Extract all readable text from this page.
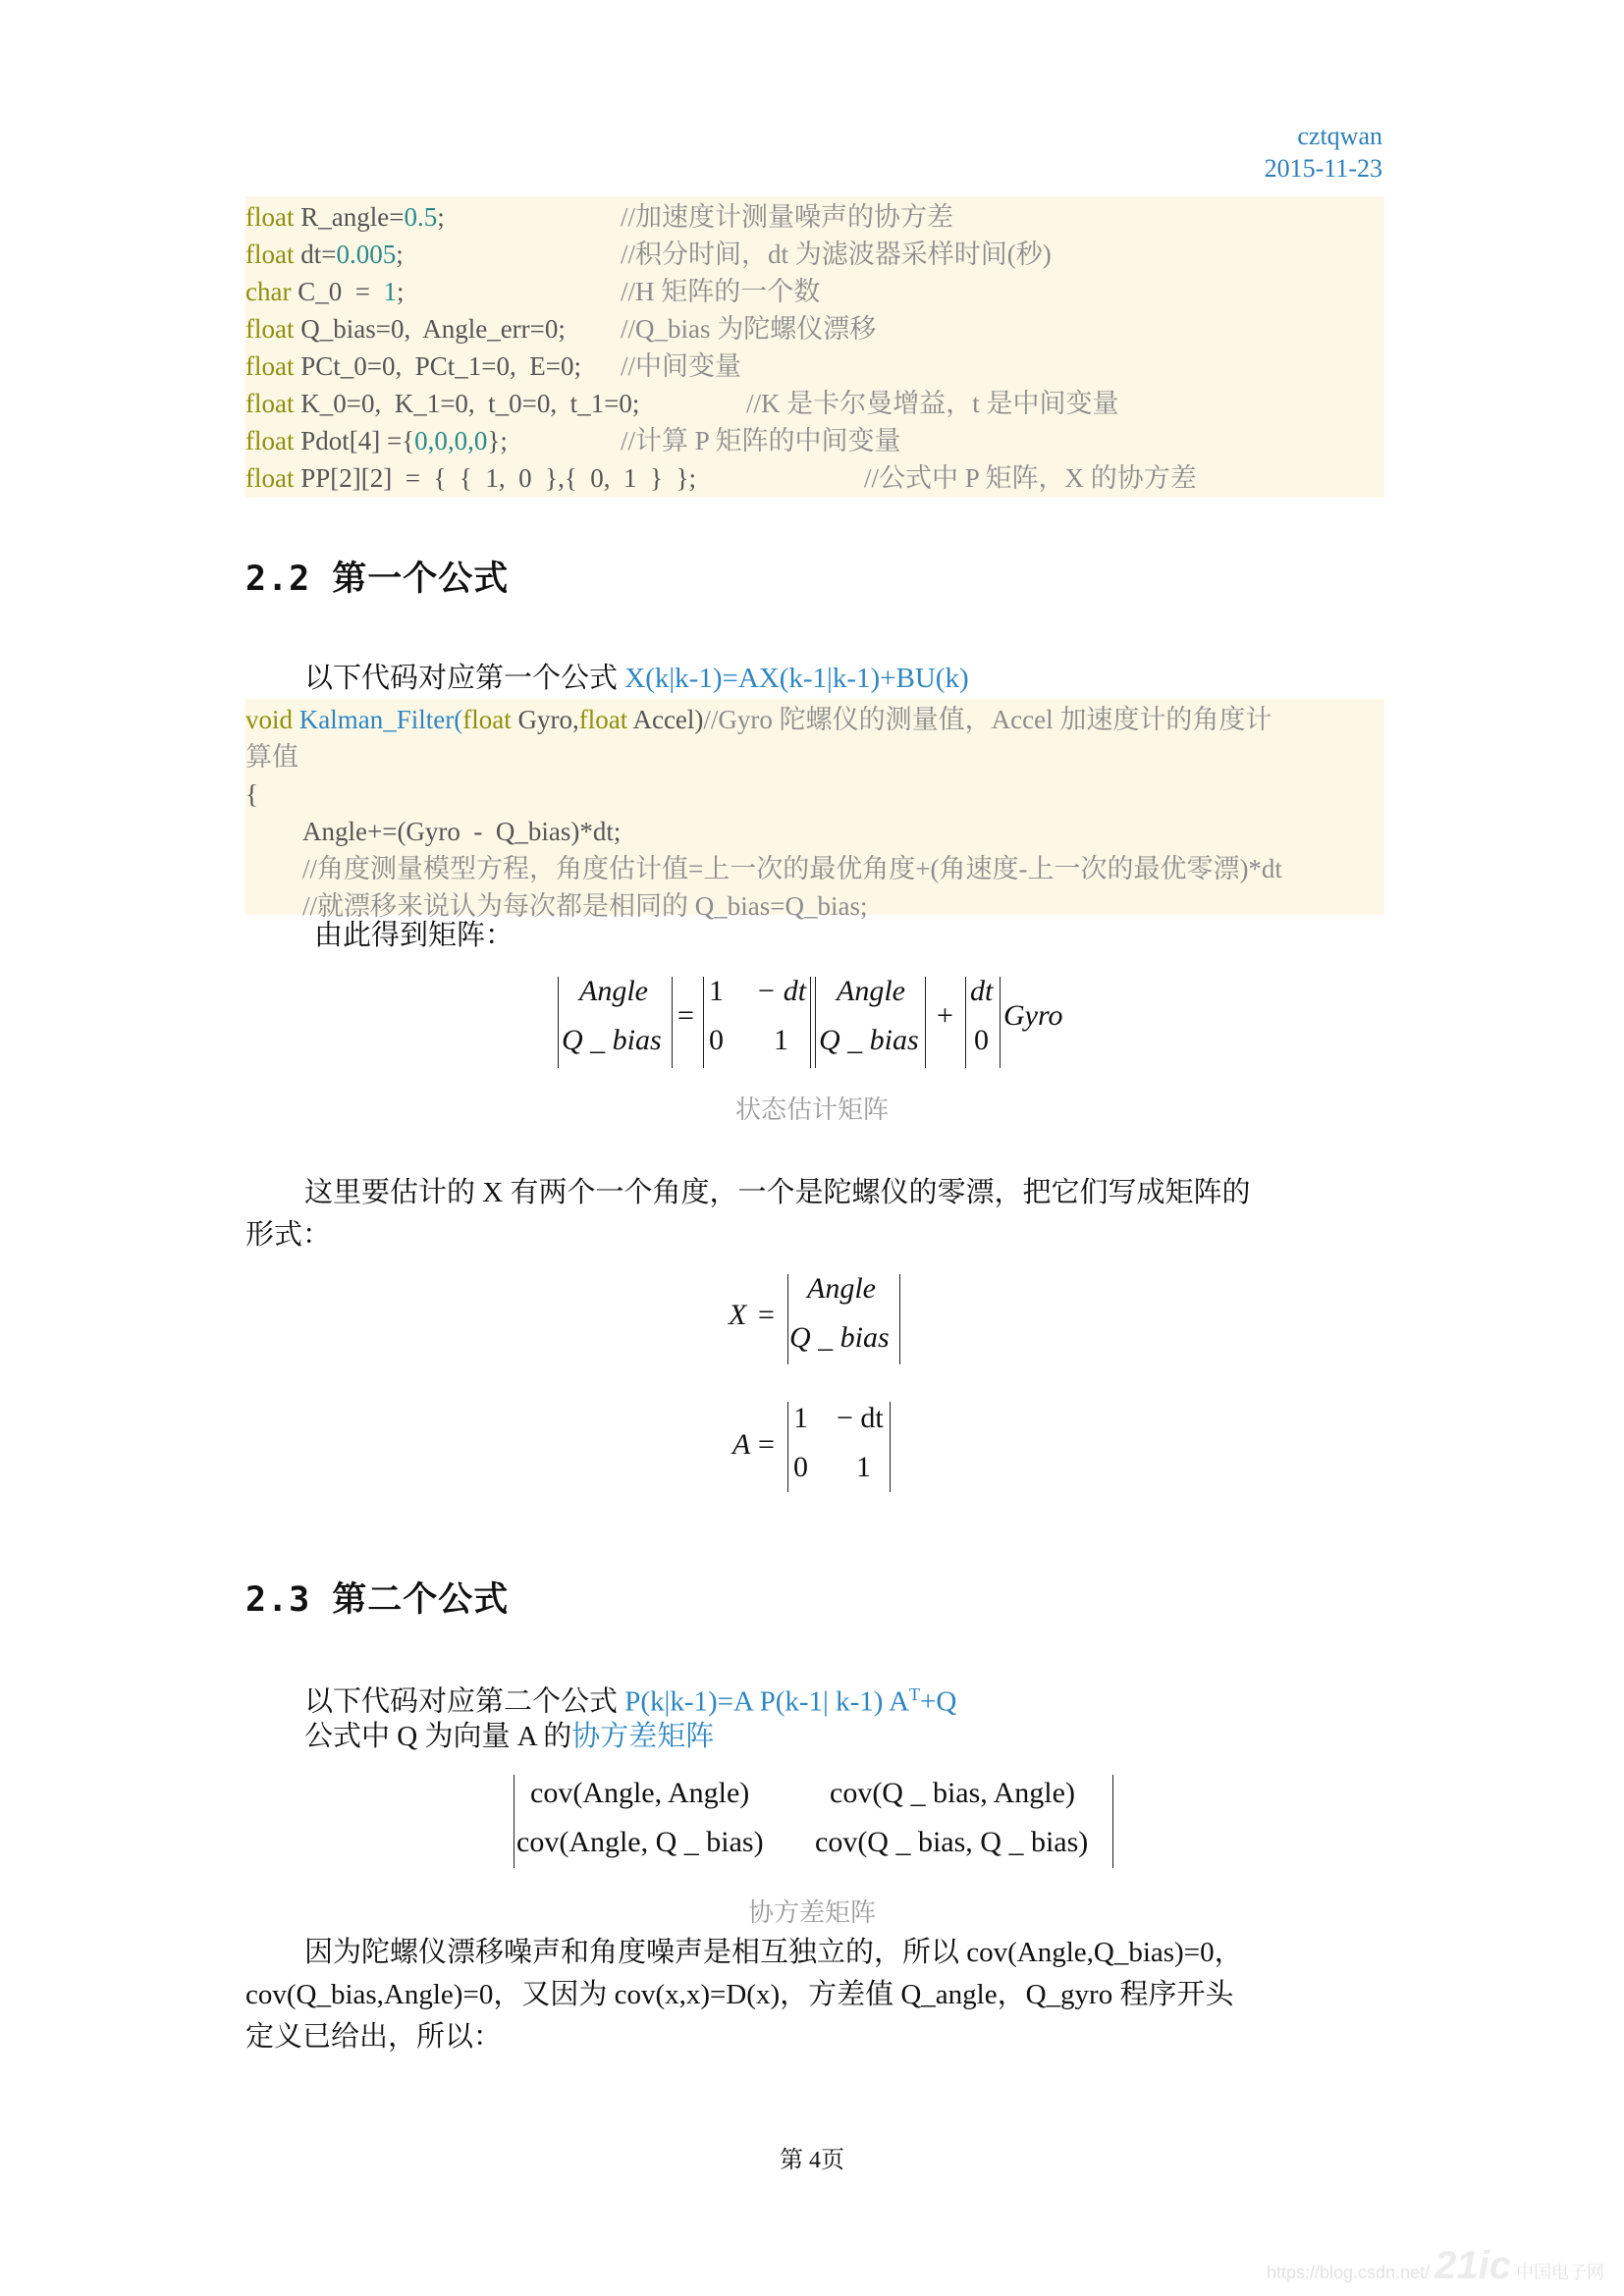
cztqwan
2015-11-23
float R_angle=0.5;	//加速度计测量噪声的协方差
float dt=0.005;	//积分时间，dt 为滤波器采样时间(秒)
char C_0  =  1;	//H 矩阵的一个数
float Q_bias=0,  Angle_err=0; //Q_bias 为陀螺仪漂移
float PCt_0=0,  PCt_1=0,  E=0; //中间变量
float K_0=0,  K_1=0,  t_0=0,  t_1=0;	//K 是卡尔曼增益，t 是中间变量
float Pdot[4] ={0,0,0,0};	//计算 P 矩阵的中间变量
float PP[2][2]  =  {  {  1,  0  },{  0,  1  }  };	//公式中 P 矩阵，X 的协方差
2.2 第一个公式
以下代码对应第一个公式 X(k|k-1)=AX(k-1|k-1)+BU(k)
void Kalman_Filter(float Gyro,float Accel)//Gyro 陀螺仪的测量值，Accel 加速度计的角度计
算值
{
Angle+=(Gyro  -  Q_bias)*dt;
//角度测量模型方程，角度估计值=上一次的最优角度+(角速度-上一次的最优零漂)*dt
//就漂移来说认为每次都是相同的 Q_bias=Q_bias;
由此得到矩阵：
Angle
Q _ bias
=
1 − dt
0 1
Angle
Q _ bias
+
dt
0
Gyro
状态估计矩阵
这里要估计的 X 有两个一个角度，一个是陀螺仪的零漂，把它们写成矩阵的
形式：
X =
Angle
Q _ bias
A =
1 − dt
0 1
2.3 第二个公式
以下代码对应第二个公式 P(k|k-1)=A P(k-1| k-1) $A^T+Q$
公式中 Q 为向量 A 的协方差矩阵
cov(Angle, Angle)	cov(Q _ bias, Angle)
cov(Angle, Q _ bias) cov(Q _ bias, Q _ bias)
协方差矩阵
因为陀螺仪漂移噪声和角度噪声是相互独立的，所以 cov(Angle,Q_bias)=0，
cov(Q_bias,Angle)=0，又因为 cov(x,x)=D(x)，方差值 Q_angle，Q_gyro 程序开头
定义已给出，所以：
第 4页
https://blog.csdn.net/ 21ic 中国电子网
